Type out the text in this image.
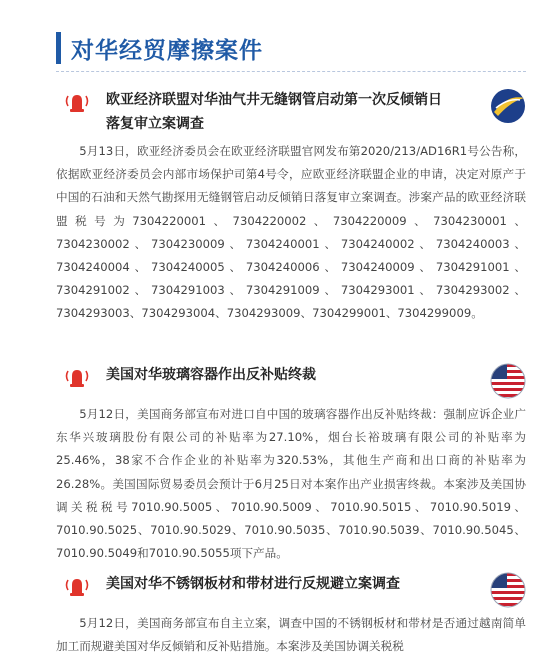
对华经贸摩擦案件
欧亚经济联盟对华油气井无缝钢管启动第一次反倾销日落复审立案调查

5月13日，欧亚经济委员会在欧亚经济联盟官网发布第2020/213/AD16R1号公告称，依据欧亚经济委员会内部市场保护司第4号令，应欧亚经济联盟企业的申请，决定对原产于中国的石油和天然气勘探用无缝钢管启动反倾销日落复审立案调查。涉案产品的欧亚经济联盟税号为7304220001、7304220002、7304220009、7304230001、7304230002、7304230009、7304240001、7304240002、7304240003、7304240004、7304240005、7304240006、7304240009、7304291001、7304291002、7304291003、7304291009、7304293001、7304293002、7304293003、7304293004、7304293009、7304299001、7304299009。

美国对华玻璃容器作出反补贴终裁

5月12日，美国商务部宣布对进口自中国的玻璃容器作出反补贴终裁：强制应诉企业广东华兴玻璃股份有限公司的补贴率为27.10%，烟台长裕玻璃有限公司的补贴率为25.46%，38家不合作企业的补贴率为320.53%，其他生产商和出口商的补贴率为26.28%。美国国际贸易委员会预计于6月25日对本案作出产业损害终裁。本案涉及美国协调关税税号7010.90.5005、7010.90.5009、7010.90.5015、7010.90.5019、7010.90.5025、7010.90.5029、7010.90.5035、7010.90.5039、7010.90.5045、7010.90.5049和7010.90.5055项下产品。

美国对华不锈钢板材和带材进行反规避立案调查

5月12日，美国商务部宣布自主立案，调查中国的不锈钢板材和带材是否通过越南简单加工而规避美国对华反倾销和反补贴措施。本案涉及美国协调关税税
